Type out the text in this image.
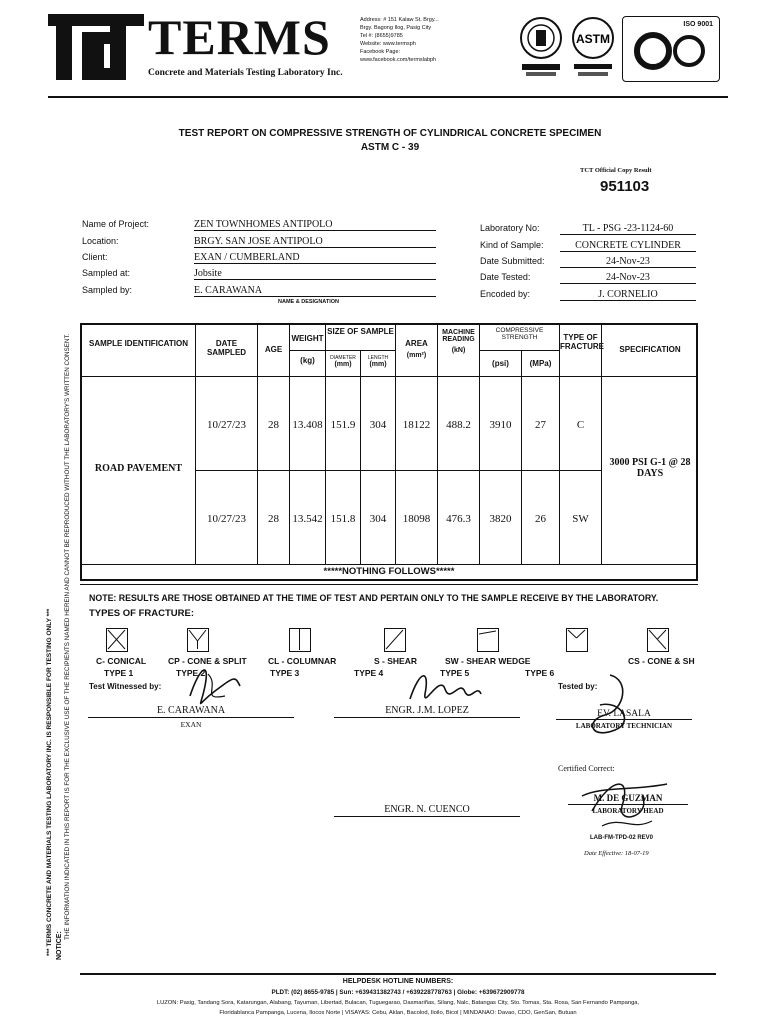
TERMS
Concrete and Materials Testing Laboratory Inc.
Address: # 151 Kalaw St. Brgy...
Brgy. Bagong Ilog, Pasig City
Tel #: (8655)9785
Website: www.termsph
Facebook Page:
www.facebook.com/termslabph
ASTM
ISO 9001
TEST REPORT ON COMPRESSIVE STRENGTH OF CYLINDRICAL CONCRETE SPECIMEN
ASTM C - 39
TCT Official Copy Result
951103
Name of Project:	ZEN TOWNHOMES ANTIPOLO
Location:	BRGY. SAN JOSE ANTIPOLO
Client:	EXAN / CUMBERLAND
Sampled at:	Jobsite
Sampled by:	E. CARAWANA
NAME & DESIGNATION
Laboratory No:	TL - PSG -23-1124-60
Kind of Sample:	CONCRETE CYLINDER
Date Submitted:	24-Nov-23
Date Tested:	24-Nov-23
Encoded by:	J. CORNELIO
SAMPLE IDENTIFICATION	DATE SAMPLED	AGE
WEIGHT
(kg)
SIZE OF SAMPLE
DIAMETER
(mm)
LENGTH
(mm)
AREA
(mm²)
MACHINE READING
(kN)
COMPRESSIVE STRENGTH
(psi)	(MPa)
TYPE OF FRACTURE	SPECIFICATION
ROAD PAVEMENT
3000 PSI G-1 @ 28 DAYS
10/27/23	28	13.408 151.9	304	18122	488.2	3910	27	C
10/27/23	28	13.542 151.8	304	18098	476.3	3820	26	SW
*****NOTHING FOLLOWS*****
NOTE: RESULTS ARE THOSE OBTAINED AT THE TIME OF TEST AND PERTAIN ONLY TO THE SAMPLE RECEIVE BY THE LABORATORY.
TYPES OF FRACTURE:
C- CONICAL
TYPE 1
CP - CONE & SPLIT
TYPE 2
CL - COLUMNAR
TYPE 3
S - SHEAR
TYPE 4
SW - SHEAR WEDGE
TYPE 5	TYPE 6
CS - CONE & SH
Test Witnessed by:
E. CARAWANA
EXAN
ENGR. J.M. LOPEZ
Tested by:
EV. LASALA
LABORATORY TECHNICIAN
Certified Correct:
M. DE GUZMAN
LABORATORY HEAD
ENGR. N. CUENCO
LAB-FM-TPD-02 REV0
Date Effective: 18-07-19
*** TERMS CONCRETE AND MATERIALS TESTING LABORATORY INC. IS RESPONSIBLE FOR TESTING ONLY *** THE INFORMATION INDICATED IN THIS REPORT IS FOR THE EXCLUSIVE USE OF THE RECIPIENTS NAMED HEREIN AND CANNOT BE REPRODUCED WITHOUT THE LABORATORY'S WRITTEN CONSENT.
NOTICE:
HELPDESK HOTLINE NUMBERS:
PLDT: (02) 8655-9785 | Sun: +639431382743 / +639228778763 | Globe: +639672909778
LUZON: Pasig, Tandang Sora, Katarungan, Alabang, Tayuman, Libertad, Bulacan, Tuguegarao, Dasmariñas, Silang, Nalc, Batangas City, Sto. Tomas, Sta. Rosa, San Fernando Pampanga,
Floridablanca Pampanga, Lucena, Ilocos Norte | VISAYAS: Cebu, Aklan, Bacolod, Iloilo, Bicol | MINDANAO: Davao, CDO, GenSan, Butuan
